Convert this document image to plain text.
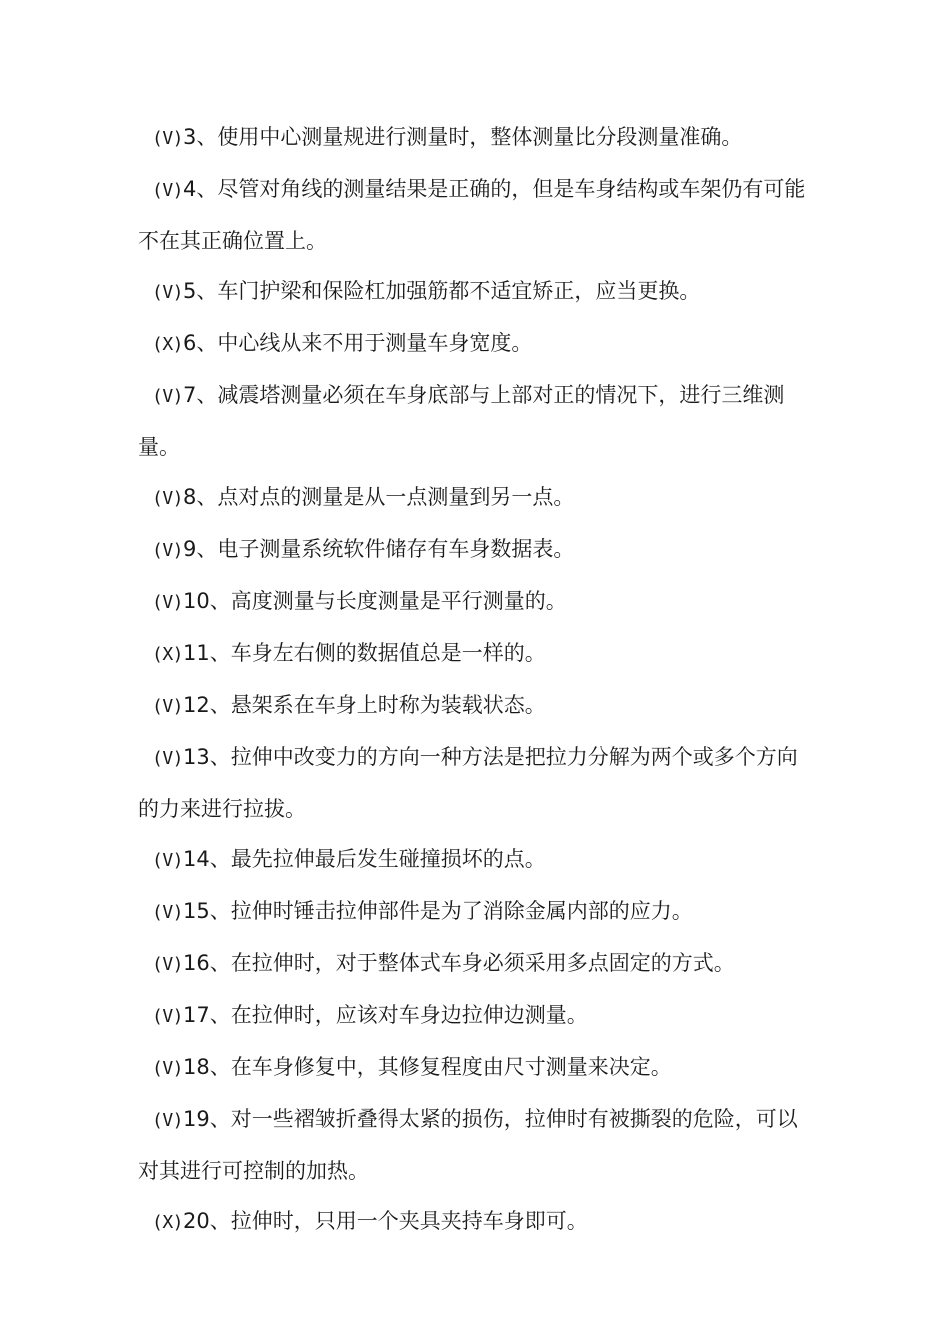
(V)3、使用中心测量规进行测量时，整体测量比分段测量准确。

(V)4、尽管对角线的测量结果是正确的，但是车身结构或车架仍有可能不在其正确位置上。

(V)5、车门护梁和保险杠加强筋都不适宜矫正，应当更换。

(X)6、中心线从来不用于测量车身宽度。

(V)7、减震塔测量必须在车身底部与上部对正的情况下，进行三维测量。

(V)8、点对点的测量是从一点测量到另一点。

(V)9、电子测量系统软件储存有车身数据表。

(V)10、高度测量与长度测量是平行测量的。

(X)11、车身左右侧的数据值总是一样的。

(V)12、悬架系在车身上时称为装载状态。

(V)13、拉伸中改变力的方向一种方法是把拉力分解为两个或多个方向的力来进行拉拔。

(V)14、最先拉伸最后发生碰撞损坏的点。

(V)15、拉伸时锤击拉伸部件是为了消除金属内部的应力。

(V)16、在拉伸时，对于整体式车身必须采用多点固定的方式。

(V)17、在拉伸时，应该对车身边拉伸边测量。

(V)18、在车身修复中，其修复程度由尺寸测量来决定。

(V)19、对一些褶皱折叠得太紧的损伤，拉伸时有被撕裂的危险，可以对其进行可控制的加热。

(X)20、拉伸时，只用一个夹具夹持车身即可。
